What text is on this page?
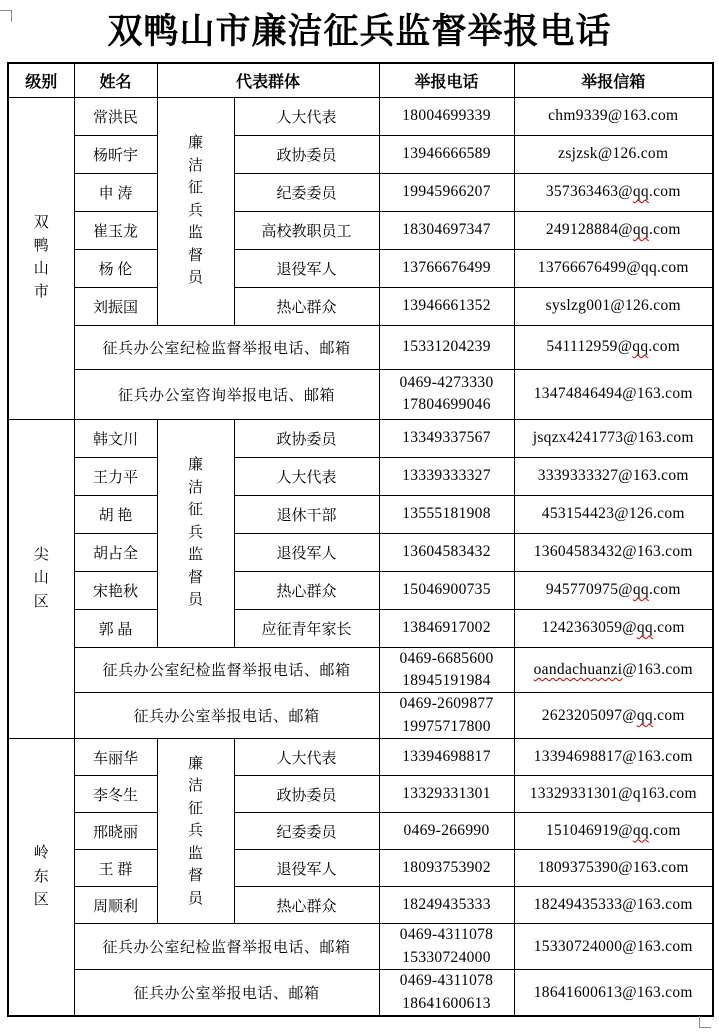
双鸭山市廉洁征兵监督举报电话
级别	姓名	代表群体		举报电话	举报信箱

双鸭山市	常洪民	廉洁征兵监督员	人大代表	18004699339	chm9339@163.com
	杨昕宇		政协委员	13946666589	zsjzsk@126.com
	申 涛		纪委委员	19945966207	357363463@qq.com
	崔玉龙		高校教职员工	18304697347	249128884@qq.com
	杨 伦		退役军人	13766676499	13766676499@qq.com
	刘振国		热心群众	13946661352	syslzg001@126.com
	征兵办公室纪检监督举报电话、邮箱			15331204239	541112959@qq.com
	征兵办公室咨询举报电话、邮箱			0469-4273330
17804699046	13474846494@163.com

尖山区	韩文川	廉洁征兵监督员	政协委员	13349337567	jsqzx4241773@163.com
	王力平		人大代表	13339333327	3339333327@163.com
	胡 艳		退休干部	13555181908	453154423@126.com
	胡占全		退役军人	13604583432	13604583432@163.com
	宋艳秋		热心群众	15046900735	945770975@qq.com
	郭 晶		应征青年家长	13846917002	1242363059@qq.com
	征兵办公室纪检监督举报电话、邮箱			0469-6685600
18945191984	oandachuanzi@163.com
	征兵办公室举报电话、邮箱			0469-2609877
19975717800	2623205097@qq.com

岭东区	车丽华	廉洁征兵监督员	人大代表	13394698817	13394698817@163.com
	李冬生		政协委员	13329331301	13329331301@q163.com
	邢晓丽		纪委委员	0469-266990	151046919@qq.com
	王 群		退役军人	18093753902	1809375390@163.com
	周顺利		热心群众	18249435333	18249435333@163.com
	征兵办公室纪检监督举报电话、邮箱			0469-4311078
15330724000	15330724000@163.com
	征兵办公室举报电话、邮箱			0469-4311078
18641600613	18641600613@163.com
